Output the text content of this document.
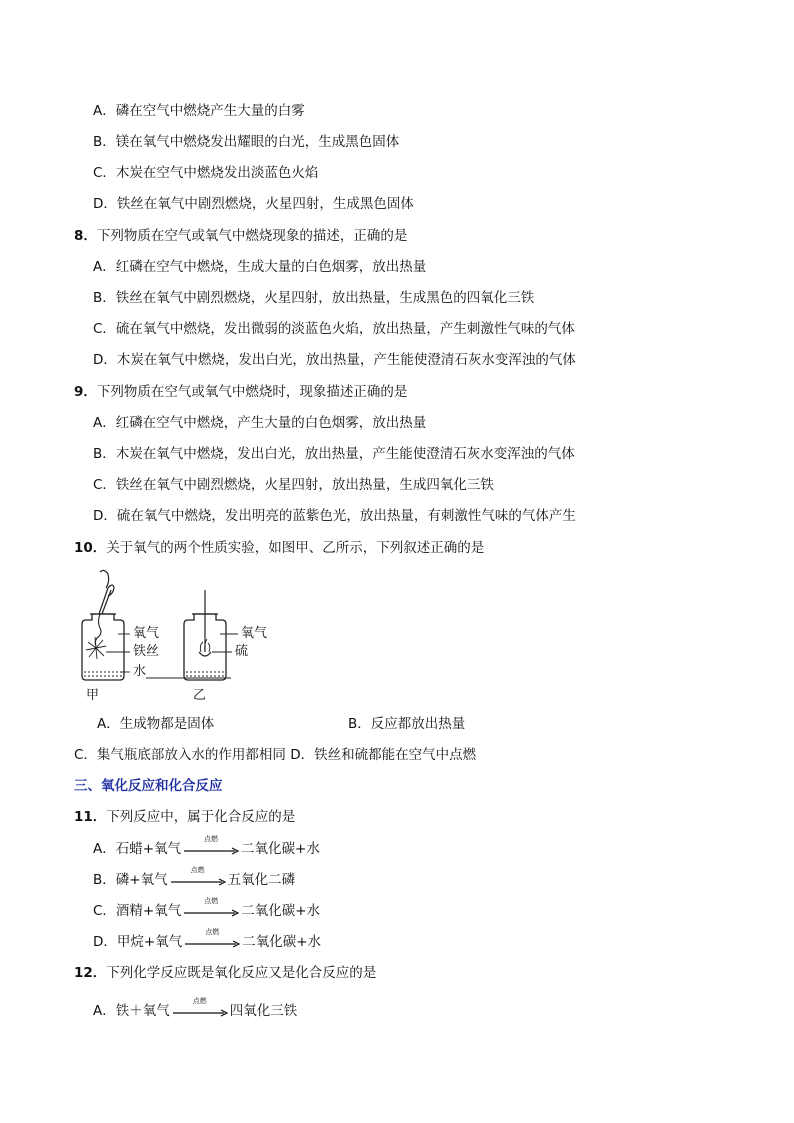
A．磷在空气中燃烧产生大量的白雾
B．镁在氧气中燃烧发出耀眼的白光，生成黑色固体
C．木炭在空气中燃烧发出淡蓝色火焰
D．铁丝在氧气中剧烈燃烧，火星四射，生成黑色固体
8．下列物质在空气或氧气中燃烧现象的描述，正确的是
A．红磷在空气中燃烧，生成大量的白色烟雾，放出热量
B．铁丝在氧气中剧烈燃烧，火星四射，放出热量，生成黑色的四氧化三铁
C．硫在氧气中燃烧，发出微弱的淡蓝色火焰，放出热量，产生刺激性气味的气体
D．木炭在氧气中燃烧，发出白光，放出热量，产生能使澄清石灰水变浑浊的气体
9．下列物质在空气或氧气中燃烧时，现象描述正确的是
A．红磷在空气中燃烧，产生大量的白色烟雾，放出热量
B．木炭在氧气中燃烧，发出白光，放出热量，产生能使澄清石灰水变浑浊的气体
C．铁丝在氧气中剧烈燃烧，火星四射，放出热量，生成四氧化三铁
D．硫在氧气中燃烧，发出明亮的蓝紫色光，放出热量，有刺激性气味的气体产生
10．关于氧气的两个性质实验，如图甲、乙所示，下列叙述正确的是
氧气
铁丝
水
甲
氧气
硫
乙
A．生成物都是固体	B．反应都放出热量
C．集气瓶底部放入水的作用都相同 D．铁丝和硫都能在空气中点燃
三、氧化反应和化合反应
11．下列反应中，属于化合反应的是
A．石蜡+氧气
点燃
二氧化碳+水
B．磷+氧气
点燃
五氧化二磷
C．酒精+氧气
点燃
二氧化碳+水
D．甲烷+氧气
点燃
二氧化碳+水
12．下列化学反应既是氧化反应又是化合反应的是
A．铁＋氧气
点燃
四氧化三铁
